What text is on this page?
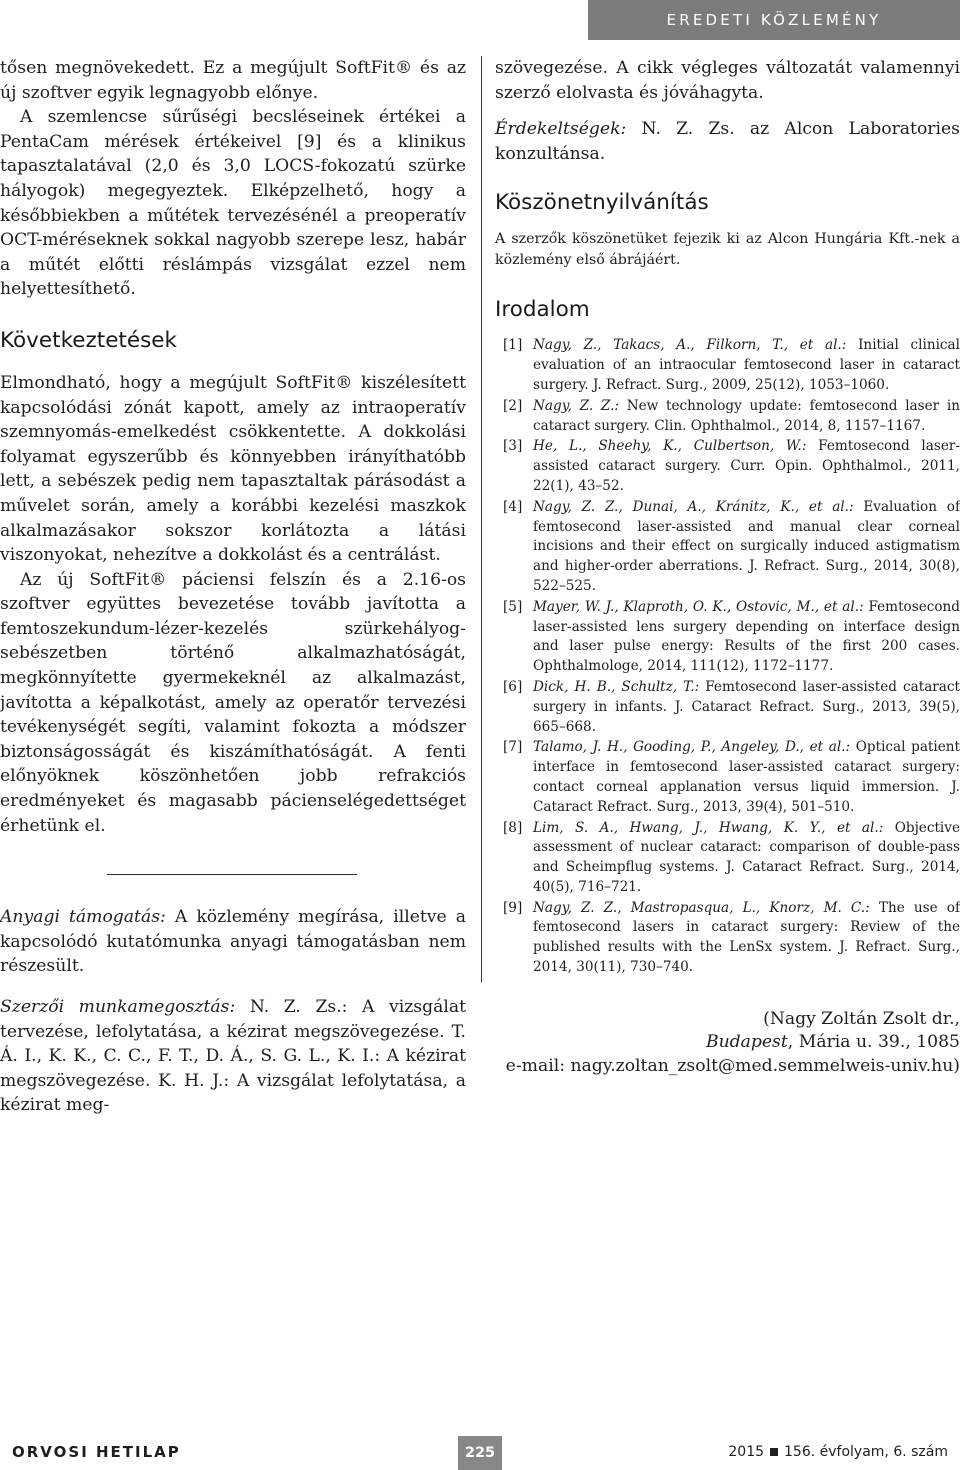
EREDETI KÖZLEMÉNY

tősen megnövekedett. Ez a megújult SoftFit® és az új szoftver egyik legnagyobb előnye.

A szemlencse sűrűségi becsléseinek értékei a PentaCam mérések értékeivel [9] és a klinikus tapasztalatával (2,0 és 3,0 LOCS-fokozatú szürke hályogok) megegyeztek. Elképzelhető, hogy a későbbiekben a műtétek tervezésénél a preoperatív OCT-méréseknek sokkal nagyobb szerepe lesz, habár a műtét előtti réslámpás vizsgálat ezzel nem helyettesíthető.

Következtetések

Elmondható, hogy a megújult SoftFit® kiszélesített kapcsolódási zónát kapott, amely az intraoperatív szemnyomás-emelkedést csökkentette. A dokkolási folyamat egyszerűbb és könnyebben irányíthatóbb lett, a sebészek pedig nem tapasztaltak párásodást a művelet során, amely a korábbi kezelési maszkok alkalmazásakor sokszor korlátozta a látási viszonyokat, nehezítve a dokkolást és a centrálást.

Az új SoftFit® páciensi felszín és a 2.16-os szoftver együttes bevezetése tovább javította a femtoszekundum-lézer-kezelés szürkehályog-sebészetben történő alkalmazhatóságát, megkönnyítette gyermekeknél az alkalmazást, javította a képalkotást, amely az operatőr tervezési tevékenységét segíti, valamint fokozta a módszer biztonságosságát és kiszámíthatóságát. A fenti előnyöknek köszönhetően jobb refrakciós eredményeket és magasabb pácienselégedettséget érhetünk el.

Anyagi támogatás: A közlemény megírása, illetve a kapcsolódó kutatómunka anyagi támogatásban nem részesült.

Szerzői munkamegosztás: N. Z. Zs.: A vizsgálat tervezése, lefolytatása, a kézirat megszövegezése. T. Á. I., K. K., C. C., F. T., D. Á., S. G. L., K. I.: A kézirat megszövegezése. K. H. J.: A vizsgálat lefolytatása, a kézirat meg-

szövegezése. A cikk végleges változatát valamennyi szerző elolvasta és jóváhagyta.

Érdekeltségek: N. Z. Zs. az Alcon Laboratories konzultánsa.

Köszönetnyilvánítás

A szerzők köszönetüket fejezik ki az Alcon Hungária Kft.-nek a közlemény első ábrájáért.

Irodalom
[1] Nagy, Z., Takacs, A., Filkorn, T., et al.: Initial clinical evaluation of an intraocular femtosecond laser in cataract surgery. J. Refract. Surg., 2009, 25(12), 1053–1060.
[2] Nagy, Z. Z.: New technology update: femtosecond laser in cataract surgery. Clin. Ophthalmol., 2014, 8, 1157–1167.
[3] He, L., Sheehy, K., Culbertson, W.: Femtosecond laser-assisted cataract surgery. Curr. Opin. Ophthalmol., 2011, 22(1), 43–52.
[4] Nagy, Z. Z., Dunai, A., Kránitz, K., et al.: Evaluation of femtosecond laser-assisted and manual clear corneal incisions and their effect on surgically induced astigmatism and higher-order aberrations. J. Refract. Surg., 2014, 30(8), 522–525.
[5] Mayer, W. J., Klaproth, O. K., Ostovic, M., et al.: Femtosecond laser-assisted lens surgery depending on interface design and laser pulse energy: Results of the first 200 cases. Ophthalmologe, 2014, 111(12), 1172–1177.
[6] Dick, H. B., Schultz, T.: Femtosecond laser-assisted cataract surgery in infants. J. Cataract Refract. Surg., 2013, 39(5), 665–668.
[7] Talamo, J. H., Gooding, P., Angeley, D., et al.: Optical patient interface in femtosecond laser-assisted cataract surgery: contact corneal applanation versus liquid immersion. J. Cataract Refract. Surg., 2013, 39(4), 501–510.
[8] Lim, S. A., Hwang, J., Hwang, K. Y., et al.: Objective assessment of nuclear cataract: comparison of double-pass and Scheimpflug systems. J. Cataract Refract. Surg., 2014, 40(5), 716–721.
[9] Nagy, Z. Z., Mastropasqua, L., Knorz, M. C.: The use of femtosecond lasers in cataract surgery: Review of the published results with the LenSx system. J. Refract. Surg., 2014, 30(11), 730–740.
(Nagy Zoltán Zsolt dr.,
Budapest, Mária u. 39., 1085
e-mail: nagy.zoltan_zsolt@med.semmelweis-univ.hu)
ORVOSI HETILAP	225	2015 156. évfolyam, 6. szám
